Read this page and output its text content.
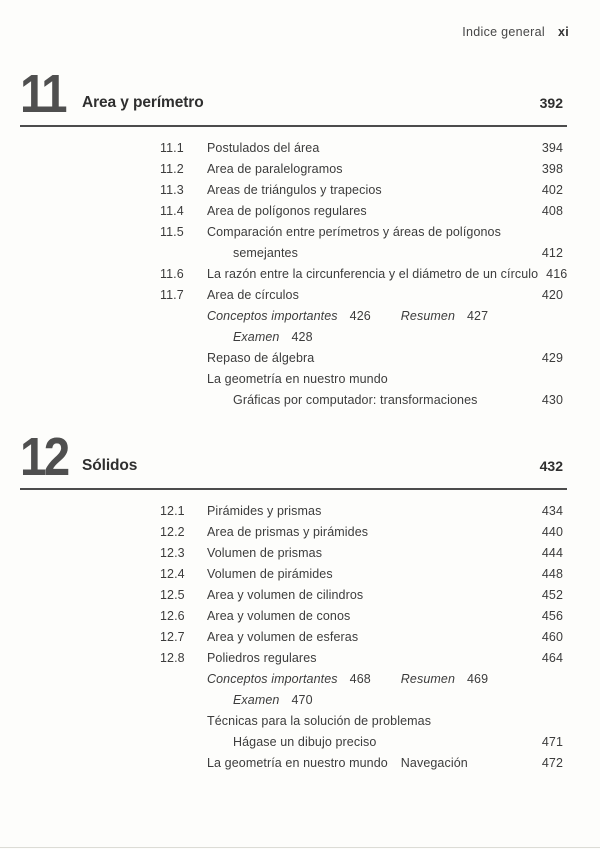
Indice general xi
11 Area y perímetro	392
11.1	Postulados del área	394
11.2	Area de paralelogramos	398
11.3	Areas de triángulos y trapecios	402
11.4	Area de polígonos regulares	408
11.5	Comparación entre perímetros y áreas de polígonos
semejantes	412
11.6	La razón entre la circunferencia y el diámetro de un círculo 416
11.7	Area de círculos	420
Conceptos importantes 426 Resumen 427
Examen 428
Repaso de álgebra	429
La geometría en nuestro mundo
Gráficas por computador: transformaciones	430
12 Sólidos	432
12.1	Pirámides y prismas	434
12.2	Area de prismas y pirámides	440
12.3	Volumen de prismas	444
12.4	Volumen de pirámides	448
12.5	Area y volumen de cilindros	452
12.6	Area y volumen de conos	456
12.7	Area y volumen de esferas	460
12.8	Poliedros regulares	464
Conceptos importantes 468 Resumen 469
Examen 470
Técnicas para la solución de problemas
Hágase un dibujo preciso	471
La geometría en nuestro mundo Navegación	472
